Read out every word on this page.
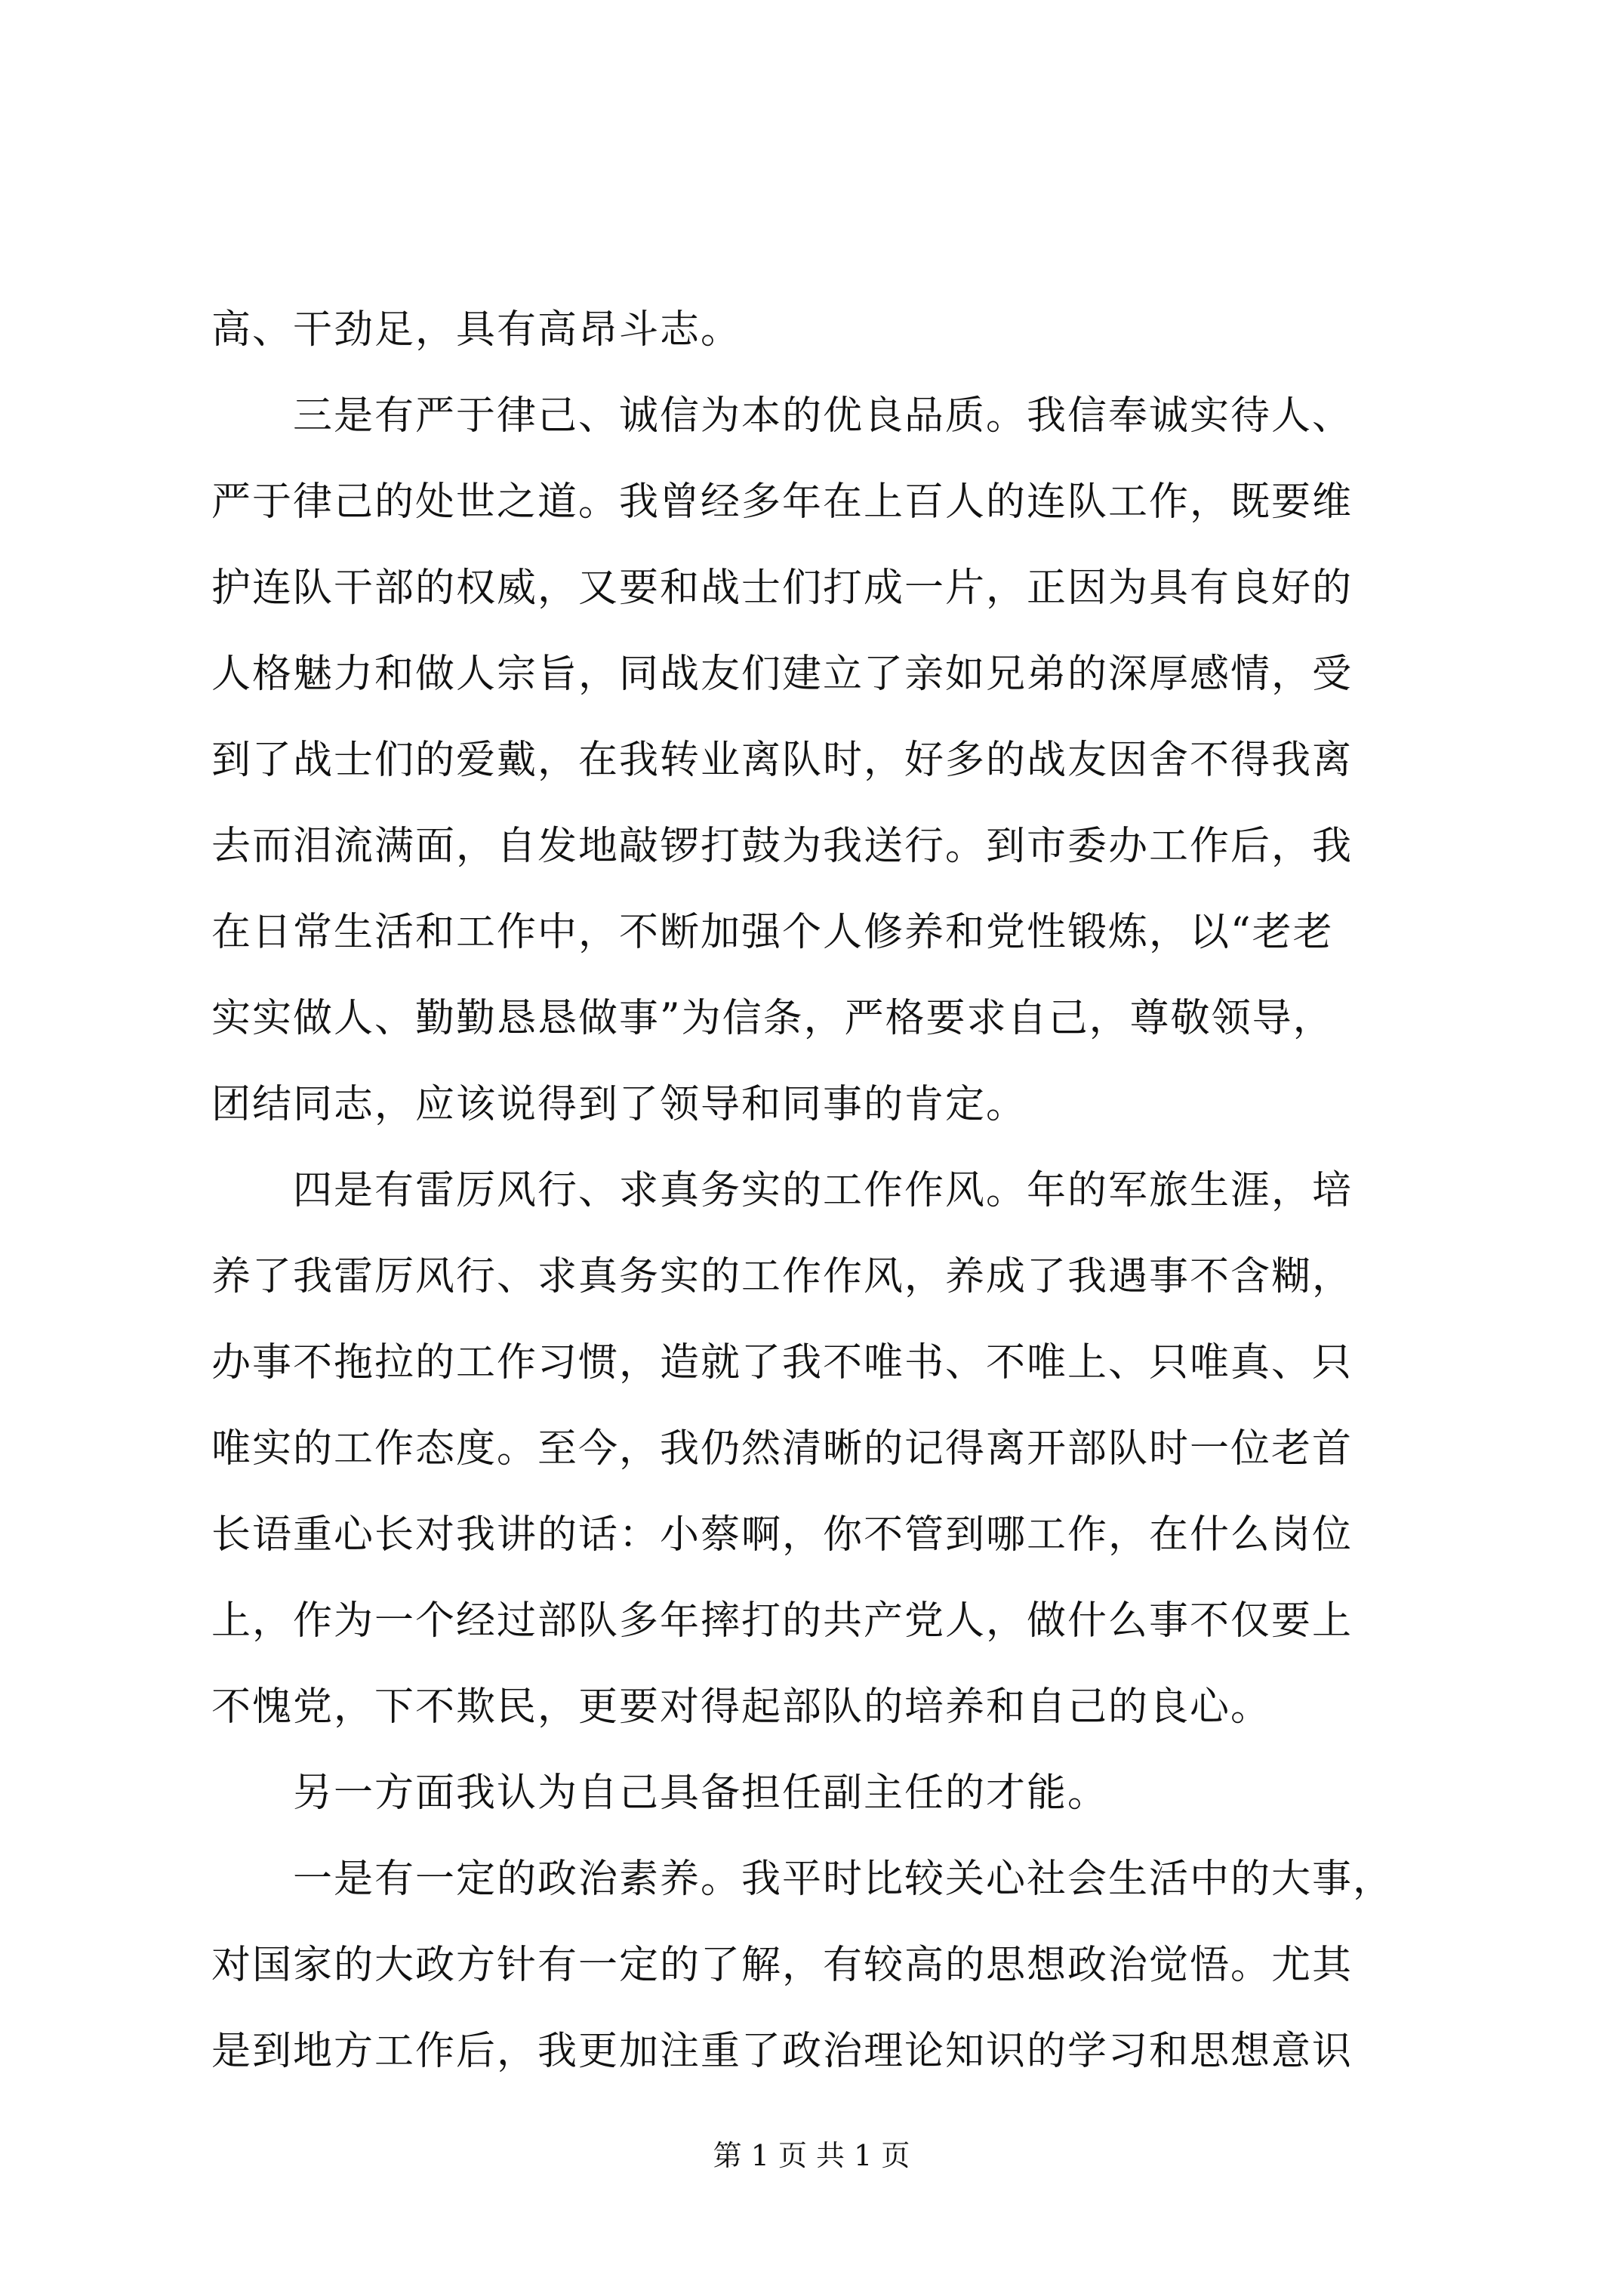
高、干劲足，具有高昂斗志。
　　三是有严于律己、诚信为本的优良品质。我信奉诚实待人、
严于律己的处世之道。我曾经多年在上百人的连队工作，既要维
护连队干部的权威，又要和战士们打成一片，正因为具有良好的
人格魅力和做人宗旨，同战友们建立了亲如兄弟的深厚感情，受
到了战士们的爱戴，在我转业离队时，好多的战友因舍不得我离
去而泪流满面，自发地敲锣打鼓为我送行。到市委办工作后，我
在日常生活和工作中，不断加强个人修养和党性锻炼，以“老老
实实做人、勤勤恳恳做事”为信条，严格要求自己，尊敬领导，
团结同志，应该说得到了领导和同事的肯定。
　　四是有雷厉风行、求真务实的工作作风。年的军旅生涯，培
养了我雷厉风行、求真务实的工作作风，养成了我遇事不含糊，
办事不拖拉的工作习惯，造就了我不唯书、不唯上、只唯真、只
唯实的工作态度。至今，我仍然清晰的记得离开部队时一位老首
长语重心长对我讲的话：小蔡啊，你不管到哪工作，在什么岗位
上，作为一个经过部队多年摔打的共产党人，做什么事不仅要上
不愧党，下不欺民，更要对得起部队的培养和自己的良心。
　　另一方面我认为自己具备担任副主任的才能。
　　一是有一定的政治素养。我平时比较关心社会生活中的大事，
对国家的大政方针有一定的了解，有较高的思想政治觉悟。尤其
是到地方工作后，我更加注重了政治理论知识的学习和思想意识
第 1 页 共 1 页
